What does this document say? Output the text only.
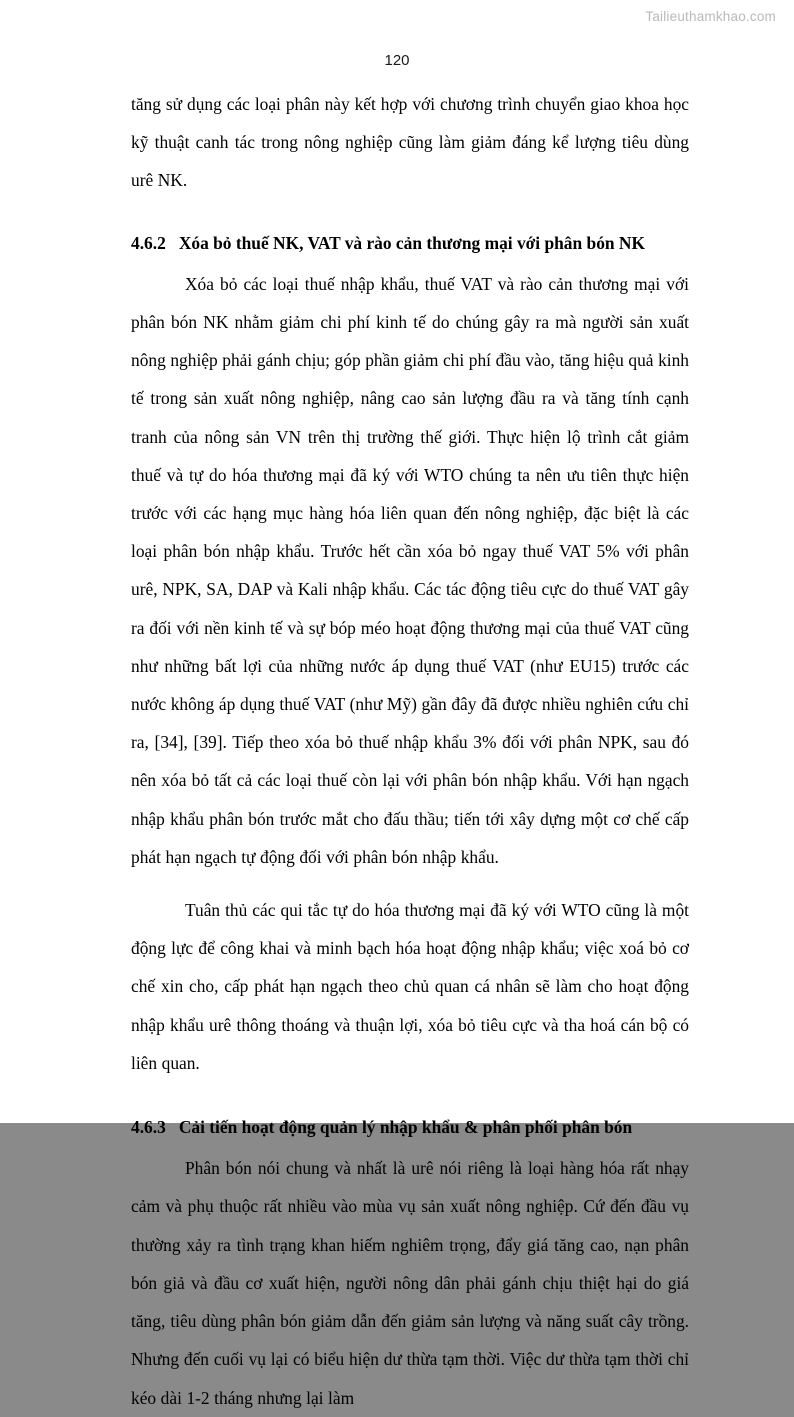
Tailieuthamkhao.com
120

tăng sử dụng các loại phân này kết hợp với chương trình chuyển giao khoa học kỹ thuật canh tác trong nông nghiệp cũng làm giảm đáng kể lượng tiêu dùng urê NK.

4.6.2 Xóa bỏ thuế NK, VAT và rào cản thương mại với phân bón NK

Xóa bỏ các loại thuế nhập khẩu, thuế VAT và rào cản thương mại với phân bón NK nhằm giảm chi phí kinh tế do chúng gây ra mà người sản xuất nông nghiệp phải gánh chịu; góp phần giảm chi phí đầu vào, tăng hiệu quả kinh tế trong sản xuất nông nghiệp, nâng cao sản lượng đầu ra và tăng tính cạnh tranh của nông sản VN trên thị trường thế giới. Thực hiện lộ trình cắt giảm thuế và tự do hóa thương mại đã ký với WTO chúng ta nên ưu tiên thực hiện trước với các hạng mục hàng hóa liên quan đến nông nghiệp, đặc biệt là các loại phân bón nhập khẩu. Trước hết cần xóa bỏ ngay thuế VAT 5% với phân urê, NPK, SA, DAP và Kali nhập khẩu. Các tác động tiêu cực do thuế VAT gây ra đối với nền kinh tế và sự bóp méo hoạt động thương mại của thuế VAT cũng như những bất lợi của những nước áp dụng thuế VAT (như EU15) trước các nước không áp dụng thuế VAT (như Mỹ) gần đây đã được nhiều nghiên cứu chỉ ra, [34], [39]. Tiếp theo xóa bỏ thuế nhập khẩu 3% đối với phân NPK, sau đó nên xóa bỏ tất cả các loại thuế còn lại với phân bón nhập khẩu. Với hạn ngạch nhập khẩu phân bón trước mắt cho đấu thầu; tiến tới xây dựng một cơ chế cấp phát hạn ngạch tự động đối với phân bón nhập khẩu.

Tuân thủ các qui tắc tự do hóa thương mại đã ký với WTO cũng là một động lực để công khai và minh bạch hóa hoạt động nhập khẩu; việc xoá bỏ cơ chế xin cho, cấp phát hạn ngạch theo chủ quan cá nhân sẽ làm cho hoạt động nhập khẩu urê thông thoáng và thuận lợi, xóa bỏ tiêu cực và tha hoá cán bộ có liên quan.

4.6.3 Cải tiến hoạt động quản lý nhập khẩu & phân phối phân bón

Phân bón nói chung và nhất là urê nói riêng là loại hàng hóa rất nhạy cảm và phụ thuộc rất nhiều vào mùa vụ sản xuất nông nghiệp. Cứ đến đầu vụ thường xảy ra tình trạng khan hiếm nghiêm trọng, đẩy giá tăng cao, nạn phân bón giả và đầu cơ xuất hiện, người nông dân phải gánh chịu thiệt hại do giá tăng, tiêu dùng phân bón giảm dẫn đến giảm sản lượng và năng suất cây trồng. Nhưng đến cuối vụ lại có biểu hiện dư thừa tạm thời. Việc dư thừa tạm thời chỉ kéo dài 1-2 tháng nhưng lại làm
